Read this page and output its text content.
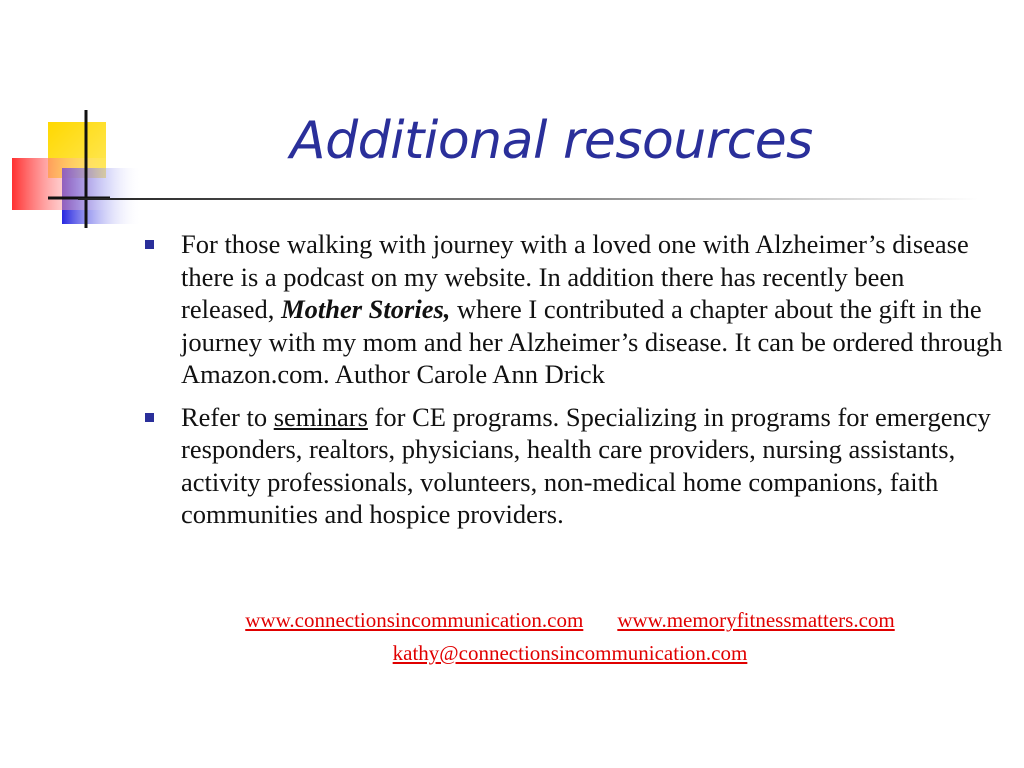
Additional resources
For those walking with journey with a loved one with Alzheimer’s disease there is a podcast on my website. In addition there has recently been released, Mother Stories, where I contributed a chapter about the gift in the journey with my mom and her Alzheimer’s disease. It can be ordered through Amazon.com. Author Carole Ann Drick
Refer to seminars for CE programs. Specializing in programs for emergency responders, realtors, physicians, health care providers, nursing assistants, activity professionals, volunteers, non-medical home companions, faith communities and hospice providers.
www.connectionsincommunication.com www.memoryfitnessmatters.com
kathy@connectionsincommunication.com
